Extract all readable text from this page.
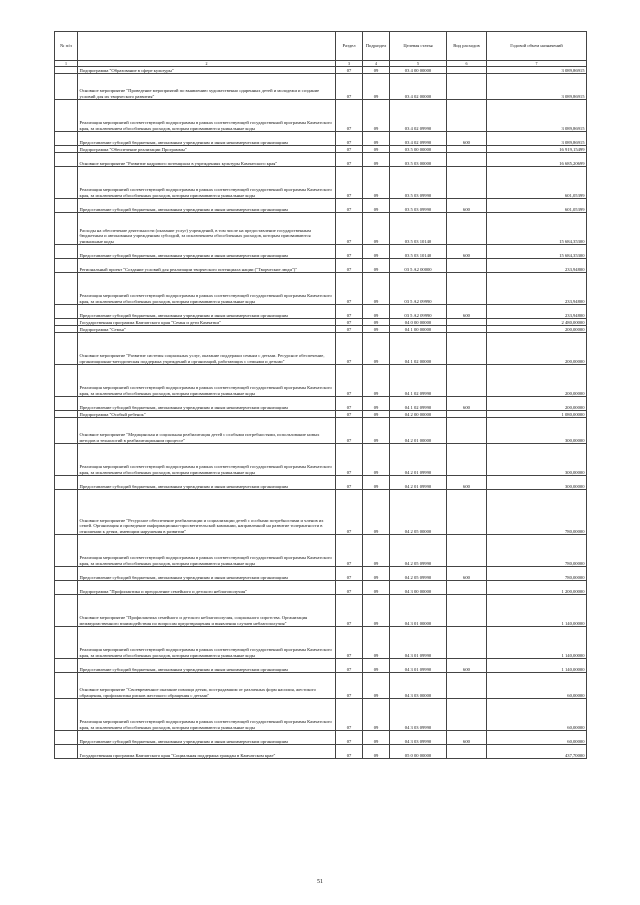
№ п/п		Раздел	Подраздел	Целевая статья	Вид расходов	Годовой объем назначений
1	2	3	4	5	6	7
	Подпрограмма "Образование в сфере культуры"	07	09	03 4 00 00000		3 089,86915
	Основное мероприятие "Проведение мероприятий по выявлению художественно одаренных детей и молодежи и создание условий для их творческого развития"	07	09	03 4 02 00000		3 089,86915
	Реализация мероприятий соответствующей подпрограммы в рамках соответствующей государственной программы Камчатского края, за исключением обособленных расходов, которым присваиваются уникальные коды	07	09	03 4 02 09990		3 089,86915
	Предоставление субсидий бюджетным, автономным учреждениям и иным некоммерческим организациям	07	09	03 4 02 09990	600	3 089,86915
	Подпрограмма "Обеспечение реализации Программы"	07	09	03 5 00 00000		16 919,15499
	Основное мероприятие "Развитие кадрового потенциала в учреждениях культуры Камчатского края"	07	09	03 5 03 00000		16 685,20699
	Реализация мероприятий соответствующей подпрограммы в рамках соответствующей государственной программы Камчатского края, за исключением обособленных расходов, которым присваиваются уникальные коды	07	09	03 5 03 09990		601,05399
	Предоставление субсидий бюджетным, автономным учреждениям и иным некоммерческим организациям	07	09	03 5 03 09990	600	601,05399
	Расходы на обеспечение деятельности (оказание услуг) учреждений, в том числе на предоставление государственным бюджетным и автономным учреждениям субсидий, за исключением обособленных расходов, которым присваиваются уникальные коды	07	09	03 5 03 10140		15 684,35300
	Предоставление субсидий бюджетным, автономным учреждениям и иным некоммерческим организациям	07	09	03 5 03 10140	600	15 684,35300
	Региональный проект "Создание условий для реализации творческого потенциала нации ("Творческие люди")"	07	09	03 5 A2 00000		233,94800
	Реализация мероприятий соответствующей подпрограммы в рамках соответствующей государственной программы Камчатского края, за исключением обособленных расходов, которым присваиваются уникальные коды	07	09	03 5 A2 09990		233,94800
	Предоставление субсидий бюджетным, автономным учреждениям и иным некоммерческим организациям	07	09	03 5 A2 09990	600	233,94800
	Государственная программа Камчатского края "Семья и дети Камчатки"	07	09	04 0 00 00000		2 480,00000
	Подпрограмма "Семья"	07	09	04 1 00 00000		200,00000
	Основное мероприятие "Развитие системы социальных услуг, оказание поддержки семьям с детьми. Ресурсное обеспечение, организационно-методическая поддержка учреждений и организаций, работающих с семьями и детьми"	07	09	04 1 02 00000		200,00000
	Реализация мероприятий соответствующей подпрограммы в рамках соответствующей государственной программы Камчатского края, за исключением обособленных расходов, которым присваиваются уникальные коды	07	09	04 1 02 09990		200,00000
	Предоставление субсидий бюджетным, автономным учреждениям и иным некоммерческим организациям	07	09	04 1 02 09990	600	200,00000
	Подпрограмма "Особый ребенок"	07	09	04 2 00 00000		1 080,00000
	Основное мероприятие "Медицинская и социальная реабилитация детей с особыми потребностями, использование новых методов и технологий в реабилитационном процессе"	07	09	04 2 01 00000		300,00000
	Реализация мероприятий соответствующей подпрограммы в рамках соответствующей государственной программы Камчатского края, за исключением обособленных расходов, которым присваиваются уникальные коды	07	09	04 2 01 09990		300,00000
	Предоставление субсидий бюджетным, автономным учреждениям и иным некоммерческим организациям	07	09	04 2 01 09990	600	300,00000
	Основное мероприятие "Ресурсное обеспечение реабилитации и социализации детей с особыми потребностями и членов их семей. Организация и проведение информационно-просветительской кампании, направленной на развитие толерантности в отношении к детям, имеющим нарушения в развитии"	07	09	04 2 05 00000		780,00000
	Реализация мероприятий соответствующей подпрограммы в рамках соответствующей государственной программы Камчатского края, за исключением обособленных расходов, которым присваиваются уникальные коды	07	09	04 2 05 09990		780,00000
	Предоставление субсидий бюджетным, автономным учреждениям и иным некоммерческим организациям	07	09	04 2 05 09990	600	780,00000
	Подпрограмма "Профилактика и преодоление семейного и детского неблагополучия"	07	09	04 3 00 00000		1 200,00000
	Основное мероприятие "Профилактика семейного и детского неблагополучия, социального сиротства. Организация межведомственного взаимодействия по вопросам предотвращения и выявления случаев неблагополучия"	07	09	04 3 01 00000		1 140,00000
	Реализация мероприятий соответствующей подпрограммы в рамках соответствующей государственной программы Камчатского края, за исключением обособленных расходов, которым присваиваются уникальные коды	07	09	04 3 01 09990		1 140,00000
	Предоставление субсидий бюджетным, автономным учреждениям и иным некоммерческим организациям	07	09	04 3 01 09990	600	1 140,00000
	Основное мероприятие "Своевременное оказание помощи детям, пострадавшим от различных форм насилия, жестокого обращения, профилактика рисков жестокого обращения с детьми"	07	09	04 3 03 00000		60,00000
	Реализация мероприятий соответствующей подпрограммы в рамках соответствующей государственной программы Камчатского края, за исключением обособленных расходов, которым присваиваются уникальные коды	07	09	04 3 03 09990		60,00000
	Предоставление субсидий бюджетным, автономным учреждениям и иным некоммерческим организациям	07	09	04 3 03 09990	600	60,00000
	Государственная программа Камчатского края "Социальная поддержка граждан в Камчатском крае"	07	09	05 0 00 00000		437,70000
51
